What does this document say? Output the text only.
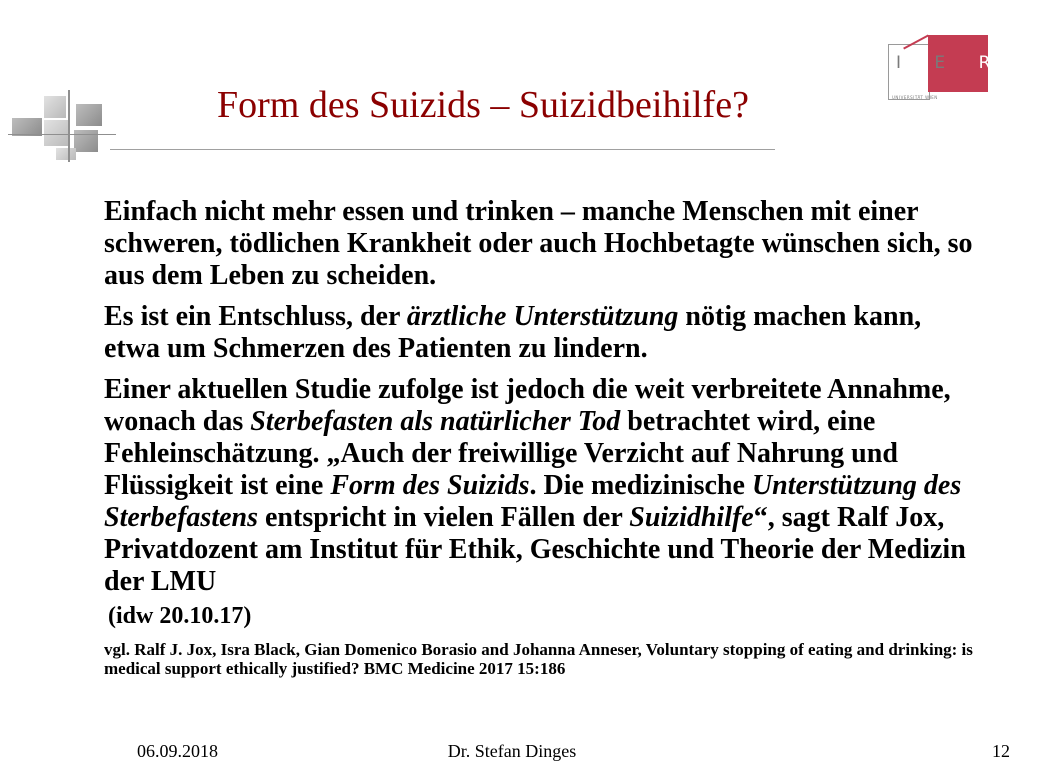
Form des Suizids – Suizidbeihilfe?
I E R M
UNIVERSITÄT WIEN

Einfach nicht mehr essen und trinken – manche Menschen mit einer schweren, tödlichen Krankheit oder auch Hochbetagte wünschen sich, so aus dem Leben zu scheiden.

Es ist ein Entschluss, der ärztliche Unterstützung nötig machen kann, etwa um Schmerzen des Patienten zu lindern.

Einer aktuellen Studie zufolge ist jedoch die weit verbreitete Annahme, wonach das Sterbefasten als natürlicher Tod betrachtet wird, eine Fehleinschätzung. „Auch der freiwillige Verzicht auf Nahrung und Flüssigkeit ist eine Form des Suizids. Die medizinische Unterstützung des Sterbefastens entspricht in vielen Fällen der Suizidhilfe“, sagt Ralf Jox, Privatdozent am Institut für Ethik, Geschichte und Theorie der Medizin der LMU

(idw 20.10.17)

vgl. Ralf J. Jox, Isra Black, Gian Domenico Borasio and Johanna Anneser, Voluntary stopping of eating and drinking: is medical support ethically justified? BMC Medicine 2017 15:186

06.09.2018	Dr. Stefan Dinges	12
